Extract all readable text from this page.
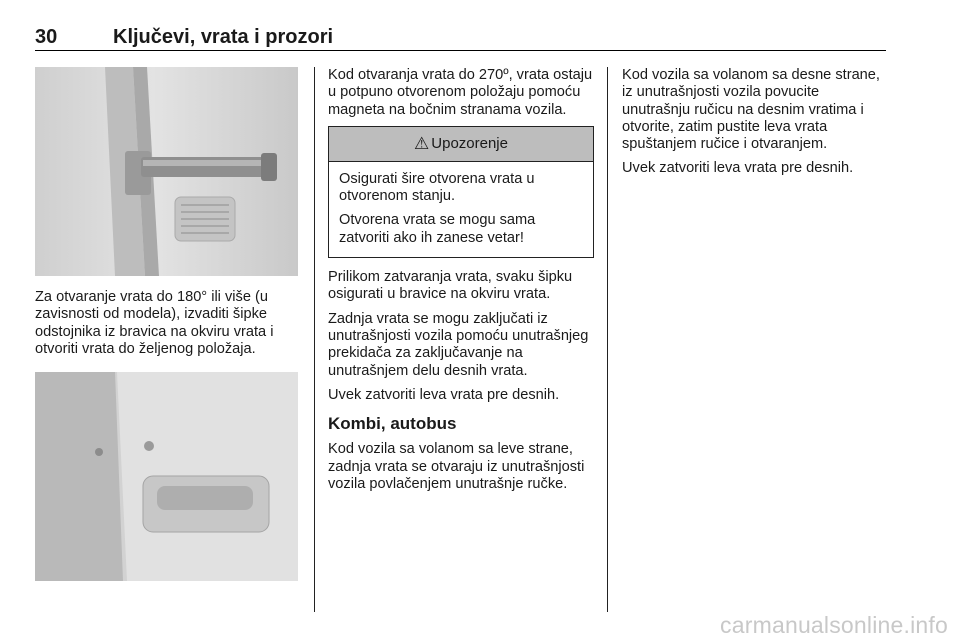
30	Ključevi, vrata i prozori

Za otvaranje vrata do 180° ili više (u zavisnosti od modela), izvaditi šipke odstojnika iz bravica na okviru vrata i otvoriti vrata do željenog položaja.

Kod otvaranja vrata do 270º, vrata ostaju u potpuno otvorenom položaju pomoću magneta na bočnim stranama vozila.

⚠ Upozorenje

Osigurati šire otvorena vrata u otvorenom stanju.

Otvorena vrata se mogu sama zatvoriti ako ih zanese vetar!

Prilikom zatvaranja vrata, svaku šipku osigurati u bravice na okviru vrata.

Zadnja vrata se mogu zaključati iz unutrašnjosti vozila pomoću unutrašnjeg prekidača za zaključavanje na unutrašnjem delu desnih vrata.

Uvek zatvoriti leva vrata pre desnih.

Kombi, autobus

Kod vozila sa volanom sa leve strane, zadnja vrata se otvaraju iz unutrašnjosti vozila povlačenjem unutrašnje ručke.

Kod vozila sa volanom sa desne strane, iz unutrašnjosti vozila povucite unutrašnju ručicu na desnim vratima i otvorite, zatim pustite leva vrata spuštanjem ručice i otvaranjem.

Uvek zatvoriti leva vrata pre desnih.

carmanualsonline.info
